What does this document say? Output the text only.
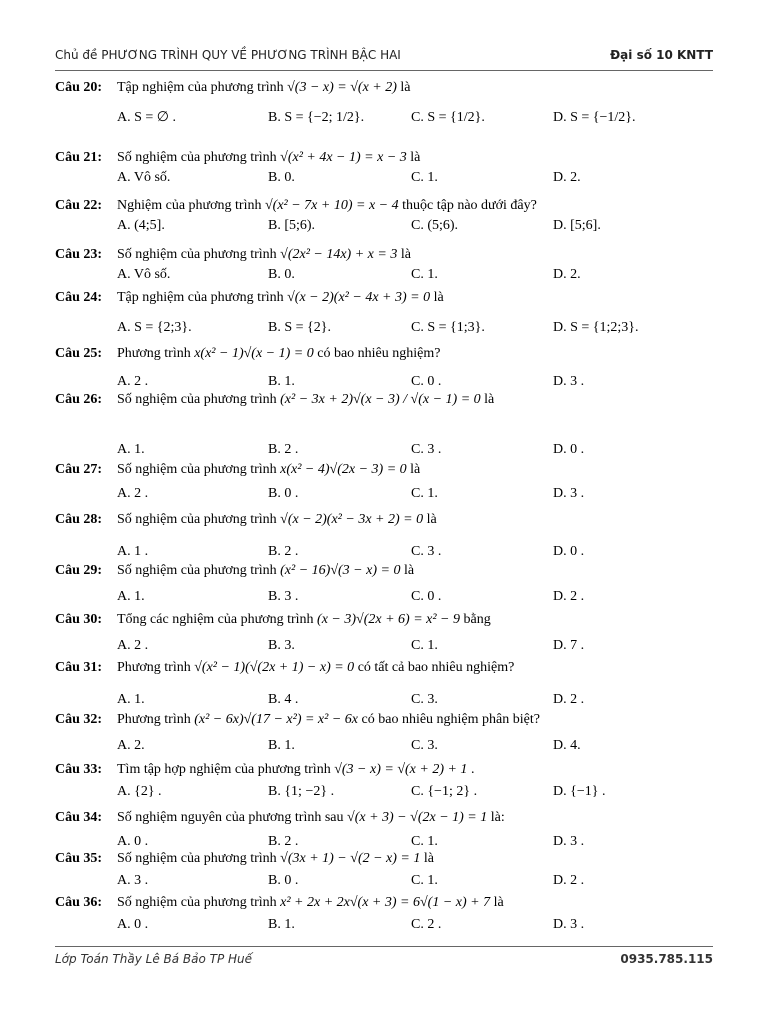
Chủ đề PHƯƠNG TRÌNH QUY VỀ PHƯƠNG TRÌNH BẬC HAI	Đại số 10 KNTT
Câu 20: Tập nghiệm của phương trình √(3 − x) = √(x + 2) là
A. S = ∅ .	B. S = {−2; 1/2}.	C. S = {1/2}.	D. S = {−1/2}.
Câu 21: Số nghiệm của phương trình √(x² + 4x − 1) = x − 3 là
A. Vô số.	B. 0.	C. 1.	D. 2.
Câu 22: Nghiệm của phương trình √(x² − 7x + 10) = x − 4 thuộc tập nào dưới đây?
A. (4;5].	B. [5;6).	C. (5;6).	D. [5;6].
Câu 23: Số nghiệm của phương trình √(2x² − 14x) + x = 3 là
A. Vô số.	B. 0.	C. 1.	D. 2.
Câu 24: Tập nghiệm của phương trình √(x − 2)(x² − 4x + 3) = 0 là
A. S = {2;3}.	B. S = {2}.	C. S = {1;3}.	D. S = {1;2;3}.
Câu 25: Phương trình x(x² − 1)√(x − 1) = 0 có bao nhiêu nghiệm?
A. 2 .	B. 1.	C. 0 .	D. 3 .
Câu 26: Số nghiệm của phương trình (x² − 3x + 2)√(x − 3) / √(x − 1) = 0 là
A. 1.	B. 2 .	C. 3 .	D. 0 .
Câu 27: Số nghiệm của phương trình x(x² − 4)√(2x − 3) = 0 là
A. 2 .	B. 0 .	C. 1.	D. 3 .
Câu 28: Số nghiệm của phương trình √(x − 2)(x² − 3x + 2) = 0 là
A. 1 .	B. 2 .	C. 3 .	D. 0 .
Câu 29: Số nghiệm của phương trình (x² − 16)√(3 − x) = 0 là
A. 1.	B. 3 .	C. 0 .	D. 2 .
Câu 30: Tổng các nghiệm của phương trình (x − 3)√(2x + 6) = x² − 9 bằng
A. 2 .	B. 3.	C. 1.	D. 7 .
Câu 31: Phương trình √(x² − 1)(√(2x + 1) − x) = 0 có tất cả bao nhiêu nghiệm?
A. 1.	B. 4 .	C. 3.	D. 2 .
Câu 32: Phương trình (x² − 6x)√(17 − x²) = x² − 6x có bao nhiêu nghiệm phân biệt?
A. 2.	B. 1.	C. 3.	D. 4.
Câu 33: Tìm tập hợp nghiệm của phương trình √(3 − x) = √(x + 2) + 1 .
A. {2} .	B. {1; −2} .	C. {−1; 2} .	D. {−1} .
Câu 34: Số nghiệm nguyên của phương trình sau √(x + 3) − √(2x − 1) = 1 là:
A. 0 .	B. 2 .	C. 1.	D. 3 .
Câu 35: Số nghiệm của phương trình √(3x + 1) − √(2 − x) = 1 là
A. 3 .	B. 0 .	C. 1.	D. 2 .
Câu 36: Số nghiệm của phương trình x² + 2x + 2x√(x + 3) = 6√(1 − x) + 7 là
A. 0 .	B. 1.	C. 2 .	D. 3 .
Lớp Toán Thầy Lê Bá Bảo TP Huế	0935.785.115
